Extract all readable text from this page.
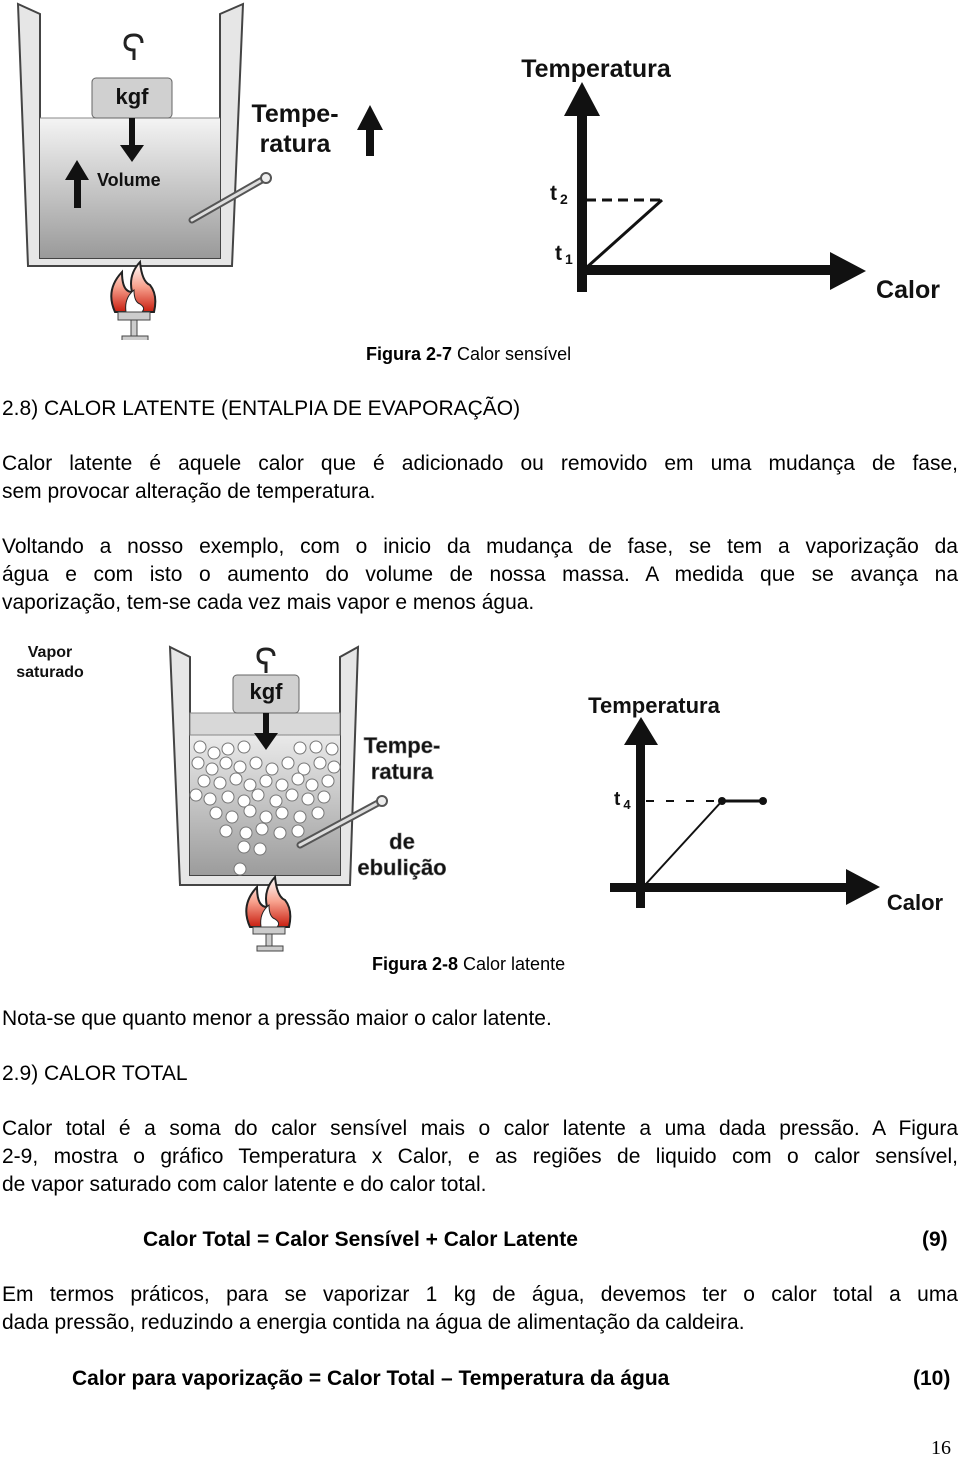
kgf
Volume
Tempe-
ratura
Temperatura
Calor
t 2
t 1
Figura 2-7 Calor sensível
2.8) CALOR LATENTE (ENTALPIA DE EVAPORAÇÃO)
Calor latente é aquele calor que é adicionado ou removido em uma mudança de fase,
sem provocar alteração de temperatura.
Voltando a nosso exemplo, com o inicio da mudança de fase, se tem a vaporização da
água e com isto o aumento do volume de nossa massa. A medida que se avança na
vaporização, tem-se cada vez mais vapor e menos água.
Vapor
saturado
kgf
Tempe-
ratura
de
ebulição
Temperatura
Calor
t $_4$
Figura 2-8 Calor latente
Nota-se que quanto menor a pressão maior o calor latente.
2.9) CALOR TOTAL
Calor total é a soma do calor sensível mais o calor latente a uma dada pressão. A Figura
2-9, mostra o gráfico Temperatura x Calor, e as regiões de liquido com o calor sensível,
de vapor saturado com calor latente e do calor total.
Calor Total = Calor Sensível + Calor Latente	(9)
Em termos práticos, para se vaporizar 1 kg de água, devemos ter o calor total a uma
dada pressão, reduzindo a energia contida na água de alimentação da caldeira.
Calor para vaporização = Calor Total – Temperatura da água	(10)
16
